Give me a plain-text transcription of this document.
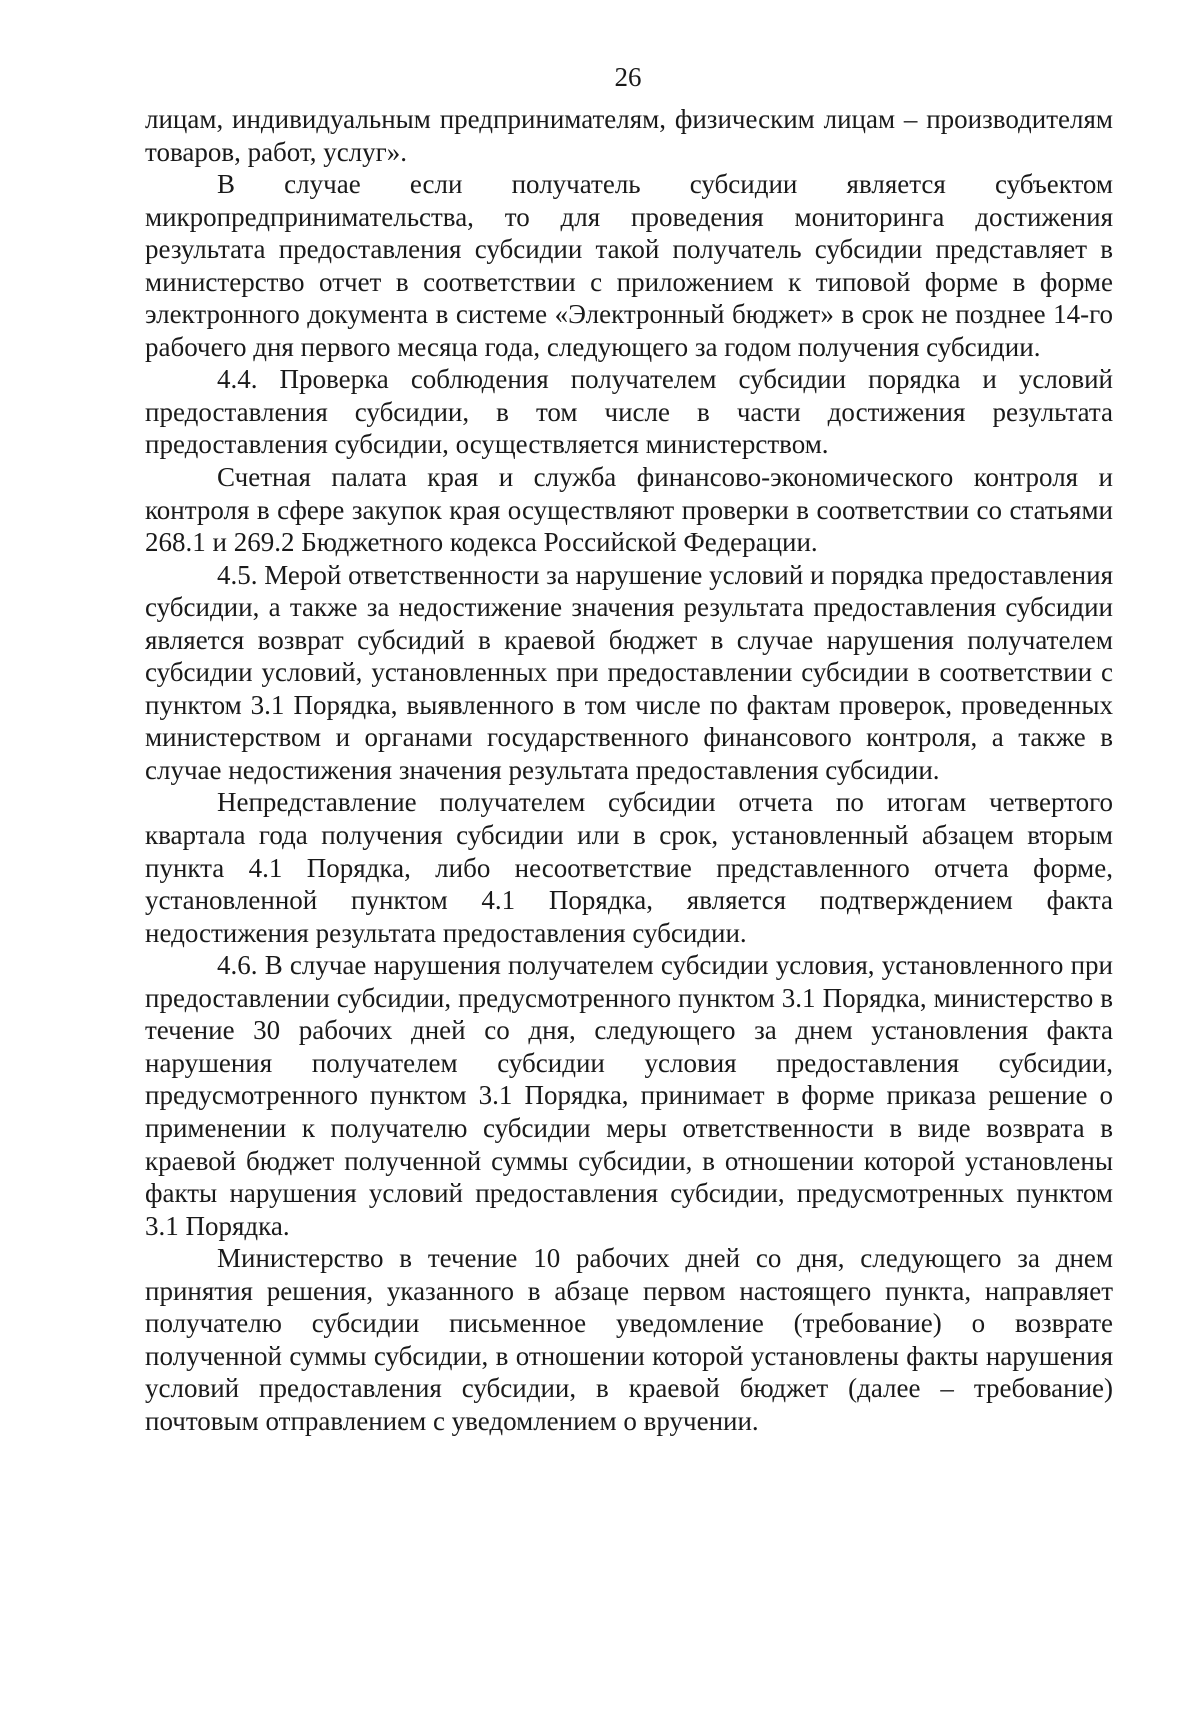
26

лицам, индивидуальным предпринимателям, физическим лицам – производителям товаров, работ, услуг».

В случае если получатель субсидии является субъектом микропредпринимательства, то для проведения мониторинга достижения результата предоставления субсидии такой получатель субсидии представляет в министерство отчет в соответствии с приложением к типовой форме в форме электронного документа в системе «Электронный бюджет» в срок не позднее 14-го рабочего дня первого месяца года, следующего за годом получения субсидии.

4.4. Проверка соблюдения получателем субсидии порядка и условий предоставления субсидии, в том числе в части достижения результата предоставления субсидии, осуществляется министерством.

Счетная палата края и служба финансово-экономического контроля и контроля в сфере закупок края осуществляют проверки в соответствии со статьями 268.1 и 269.2 Бюджетного кодекса Российской Федерации.

4.5. Мерой ответственности за нарушение условий и порядка предоставления субсидии, а также за недостижение значения результата предоставления субсидии является возврат субсидий в краевой бюджет в случае нарушения получателем субсидии условий, установленных при предоставлении субсидии в соответствии с пунктом 3.1 Порядка, выявленного в том числе по фактам проверок, проведенных министерством и органами государственного финансового контроля, а также в случае недостижения значения результата предоставления субсидии.

Непредставление получателем субсидии отчета по итогам четвертого квартала года получения субсидии или в срок, установленный абзацем вторым пункта 4.1 Порядка, либо несоответствие представленного отчета форме, установленной пунктом 4.1 Порядка, является подтверждением факта недостижения результата предоставления субсидии.

4.6. В случае нарушения получателем субсидии условия, установленного при предоставлении субсидии, предусмотренного пунктом 3.1 Порядка, министерство в течение 30 рабочих дней со дня, следующего за днем установления факта нарушения получателем субсидии условия предоставления субсидии, предусмотренного пунктом 3.1 Порядка, принимает в форме приказа решение о применении к получателю субсидии меры ответственности в виде возврата в краевой бюджет полученной суммы субсидии, в отношении которой установлены факты нарушения условий предоставления субсидии, предусмотренных пунктом 3.1 Порядка.

Министерство в течение 10 рабочих дней со дня, следующего за днем принятия решения, указанного в абзаце первом настоящего пункта, направляет получателю субсидии письменное уведомление (требование) о возврате полученной суммы субсидии, в отношении которой установлены факты нарушения условий предоставления субсидии, в краевой бюджет (далее – требование) почтовым отправлением с уведомлением о вручении.
